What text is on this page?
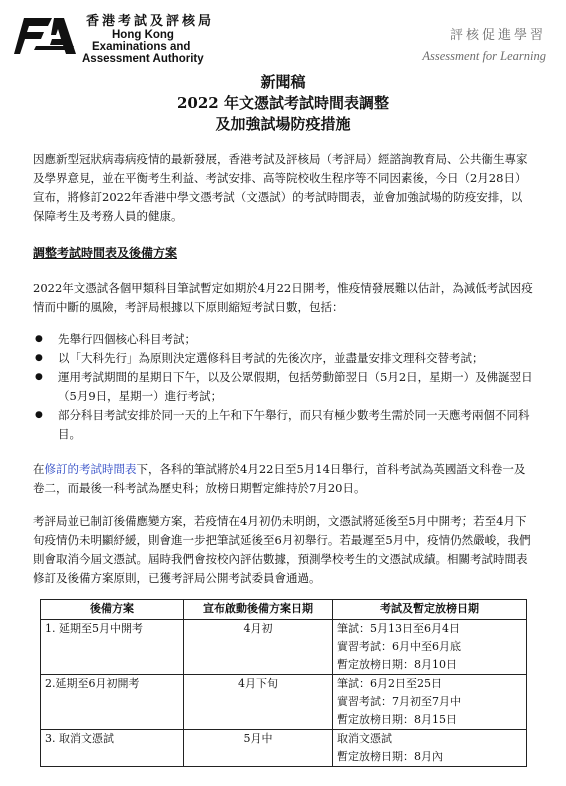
香港考試及評核局
Hong Kong
Examinations and
Assessment Authority
評核促進學習
Assessment for Learning
新聞稿
2022 年文憑試考試時間表調整
及加強試場防疫措施
因應新型冠狀病毒病疫情的最新發展，香港考試及評核局（考評局）經諮詢教育局、公共衞生專家及學界意見，並在平衡考生利益、考試安排、高等院校收生程序等不同因素後，今日（2月28日）宣布，將修訂2022年香港中學文憑考試（文憑試）的考試時間表，並會加強試場的防疫安排，以保障考生及考務人員的健康。
調整考試時間表及後備方案
2022年文憑試各個甲類科目筆試暫定如期於4月22日開考，惟疫情發展難以估計，為減低考試因疫情而中斷的風險，考評局根據以下原則縮短考試日數，包括：
● 先舉行四個核心科目考試；
● 以「大科先行」為原則決定選修科目考試的先後次序，並盡量安排文理科交替考試；
● 運用考試期間的星期日下午，以及公眾假期，包括勞動節翌日（5月2日，星期一）及佛誕翌日（5月9日，星期一）進行考試；
● 部分科目考試安排於同一天的上午和下午舉行，而只有極少數考生需於同一天應考兩個不同科目。
在修訂的考試時間表下，各科的筆試將於4月22日至5月14日舉行，首科考試為英國語文科卷一及卷二，而最後一科考試為歷史科；放榜日期暫定維持於7月20日。
考評局並已制訂後備應變方案，若疫情在4月初仍未明朗，文憑試將延後至5月中開考；若至4月下旬疫情仍未明顯紓緩，則會進一步把筆試延後至6月初舉行。若最遲至5月中，疫情仍然嚴峻，我們則會取消今屆文憑試。屆時我們會按校內評估數據，預測學校考生的文憑試成績。相關考試時間表修訂及後備方案原則，已獲考評局公開考試委員會通過。
後備方案	宣布啟動後備方案日期	考試及暫定放榜日期
1. 延期至5月中開考	4月初	筆試：5月13日至6月4日
實習考試：6月中至6月底
暫定放榜日期：8月10日

2.延期至6月初開考	4月下旬	筆試：6月2日至25日
實習考試：7月初至7月中
暫定放榜日期：8月15日

3. 取消文憑試	5月中	取消文憑試
暫定放榜日期：8月內
